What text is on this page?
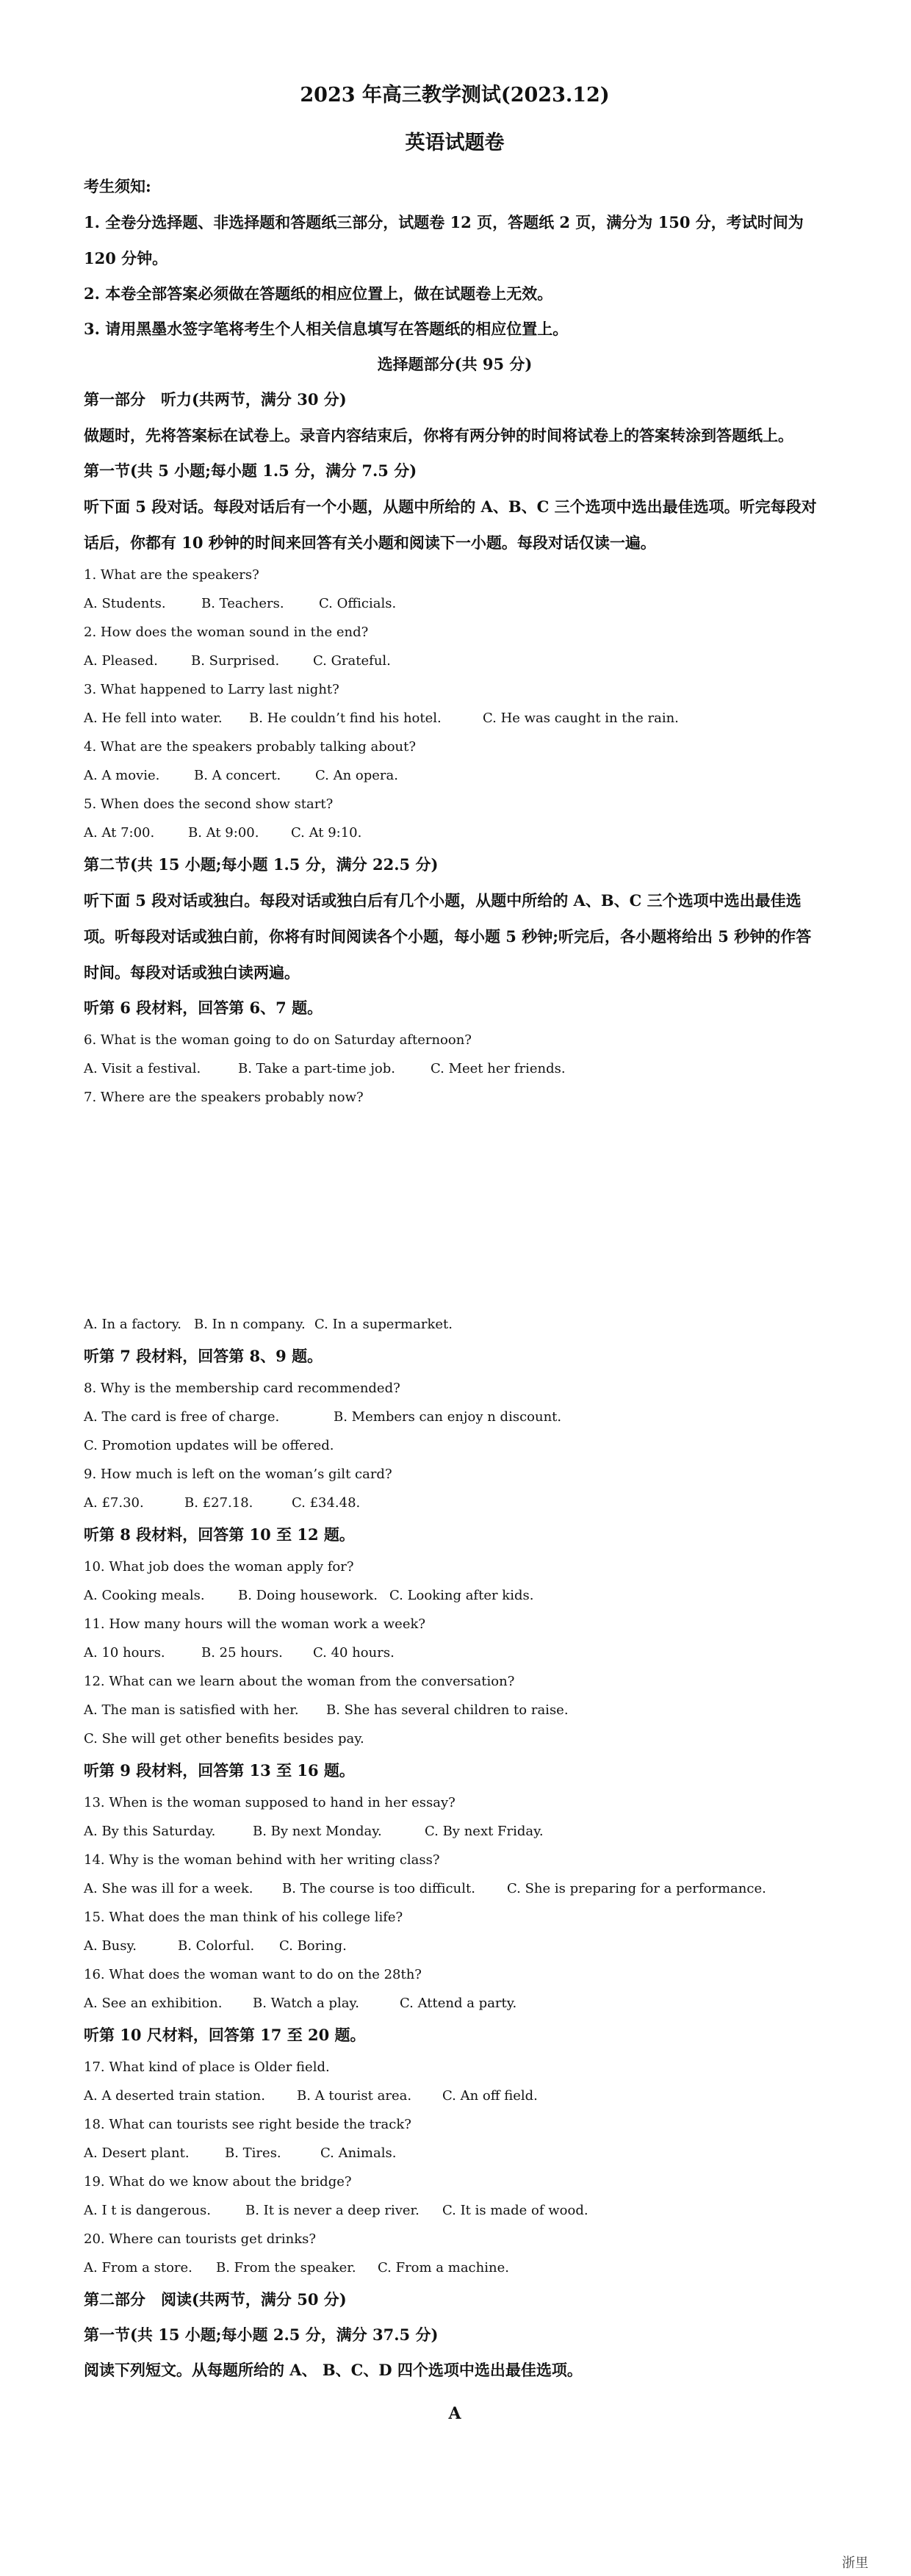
2023 年高三教学测试(2023.12)

英语试题卷

考生须知:

1. 全卷分选择题、非选择题和答题纸三部分，试题卷 12 页，答题纸 2 页，满分为 150 分，考试时间为 120 分钟。

2. 本卷全部答案必须做在答题纸的相应位置上，做在试题卷上无效。

3. 请用黑墨水签字笔将考生个人相关信息填写在答题纸的相应位置上。

选择题部分(共 95 分)

第一部分　听力(共两节，满分 30 分)

做题时，先将答案标在试卷上。录音内容结束后，你将有两分钟的时间将试卷上的答案转涂到答题纸上。

第一节(共 5 小题;每小题 1.5 分，满分 7.5 分)

听下面 5 段对话。每段对话后有一个小题，从题中所给的 A、B、C 三个选项中选出最佳选项。听完每段对话后，你都有 10 秒钟的时间来回答有关小题和阅读下一小题。每段对话仅读一遍。

1. What are the speakers?

A. Students.	B. Teachers.	C. Officials.

2. How does the woman sound in the end?

A. Pleased.	B. Surprised.	C. Grateful.

3. What happened to Larry last night?

A. He fell into water. B. He couldn’t find his hotel.	C. He was caught in the rain.

4. What are the speakers probably talking about?

A. A movie.	B. A concert.	C. An opera.

5. When does the second show start?

A. At 7:00.	B. At 9:00. C. At 9:10.

第二节(共 15 小题;每小题 1.5 分，满分 22.5 分)

听下面 5 段对话或独白。每段对话或独白后有几个小题，从题中所给的 A、B、C 三个选项中选出最佳选项。听每段对话或独白前，你将有时间阅读各个小题，每小题 5 秒钟;听完后，各小题将给出 5 秒钟的作答时间。每段对话或独白读两遍。

听第 6 段材料，回答第 6、7 题。

6. What is the woman going to do on Saturday afternoon?

A. Visit a festival.	B. Take a part-time job.	C. Meet her friends.

7. Where are the speakers probably now?

A. In a factory. B. In n company. C. In a supermarket.

听第 7 段材料，回答第 8、9 题。

8. Why is the membership card recommended?

A. The card is free of charge.	B. Members can enjoy n discount.

C. Promotion updates will be offered.

9. How much is left on the woman’s gilt card?

A. £7.30.	B. £27.18.	C. £34.48.

听第 8 段材料，回答第 10 至 12 题。

10. What job does the woman apply for?

A. Cooking meals.	B. Doing housework. C. Looking after kids.

11. How many hours will the woman work a week?

A. 10 hours.	B. 25 hours. C. 40 hours.

12. What can we learn about the woman from the conversation?

A. The man is satisfied with her. B. She has several children to raise.

C. She will get other benefits besides pay.

听第 9 段材料，回答第 13 至 16 题。

13. When is the woman supposed to hand in her essay?

A. By this Saturday.	B. By next Monday.	C. By next Friday.

14. Why is the woman behind with her writing class?

A. She was ill for a week. B. The course is too difficult. C. She is preparing for a performance.

15. What does the man think of his college life?

A. Busy.	B. Colorful. C. Boring.

16. What does the woman want to do on the 28th?

A. See an exhibition. B. Watch a play.	C. Attend a party.

听第 10 尺材料，回答第 17 至 20 题。

17. What kind of place is Older field.

A. A deserted train station. B. A tourist area. C. An off field.

18. What can tourists see right beside the track?

A. Desert plant.	B. Tires.	C. Animals.

19. What do we know about the bridge?

A. I t is dangerous.	B. It is never a deep river. C. It is made of wood.

20. Where can tourists get drinks?

A. From a store. B. From the speaker. C. From a machine.

第二部分　阅读(共两节，满分 50 分)

第一节(共 15 小题;每小题 2.5 分，满分 37.5 分)

阅读下列短文。从每题所给的 A、 B、C、D 四个选项中选出最佳选项。

A

浙里
